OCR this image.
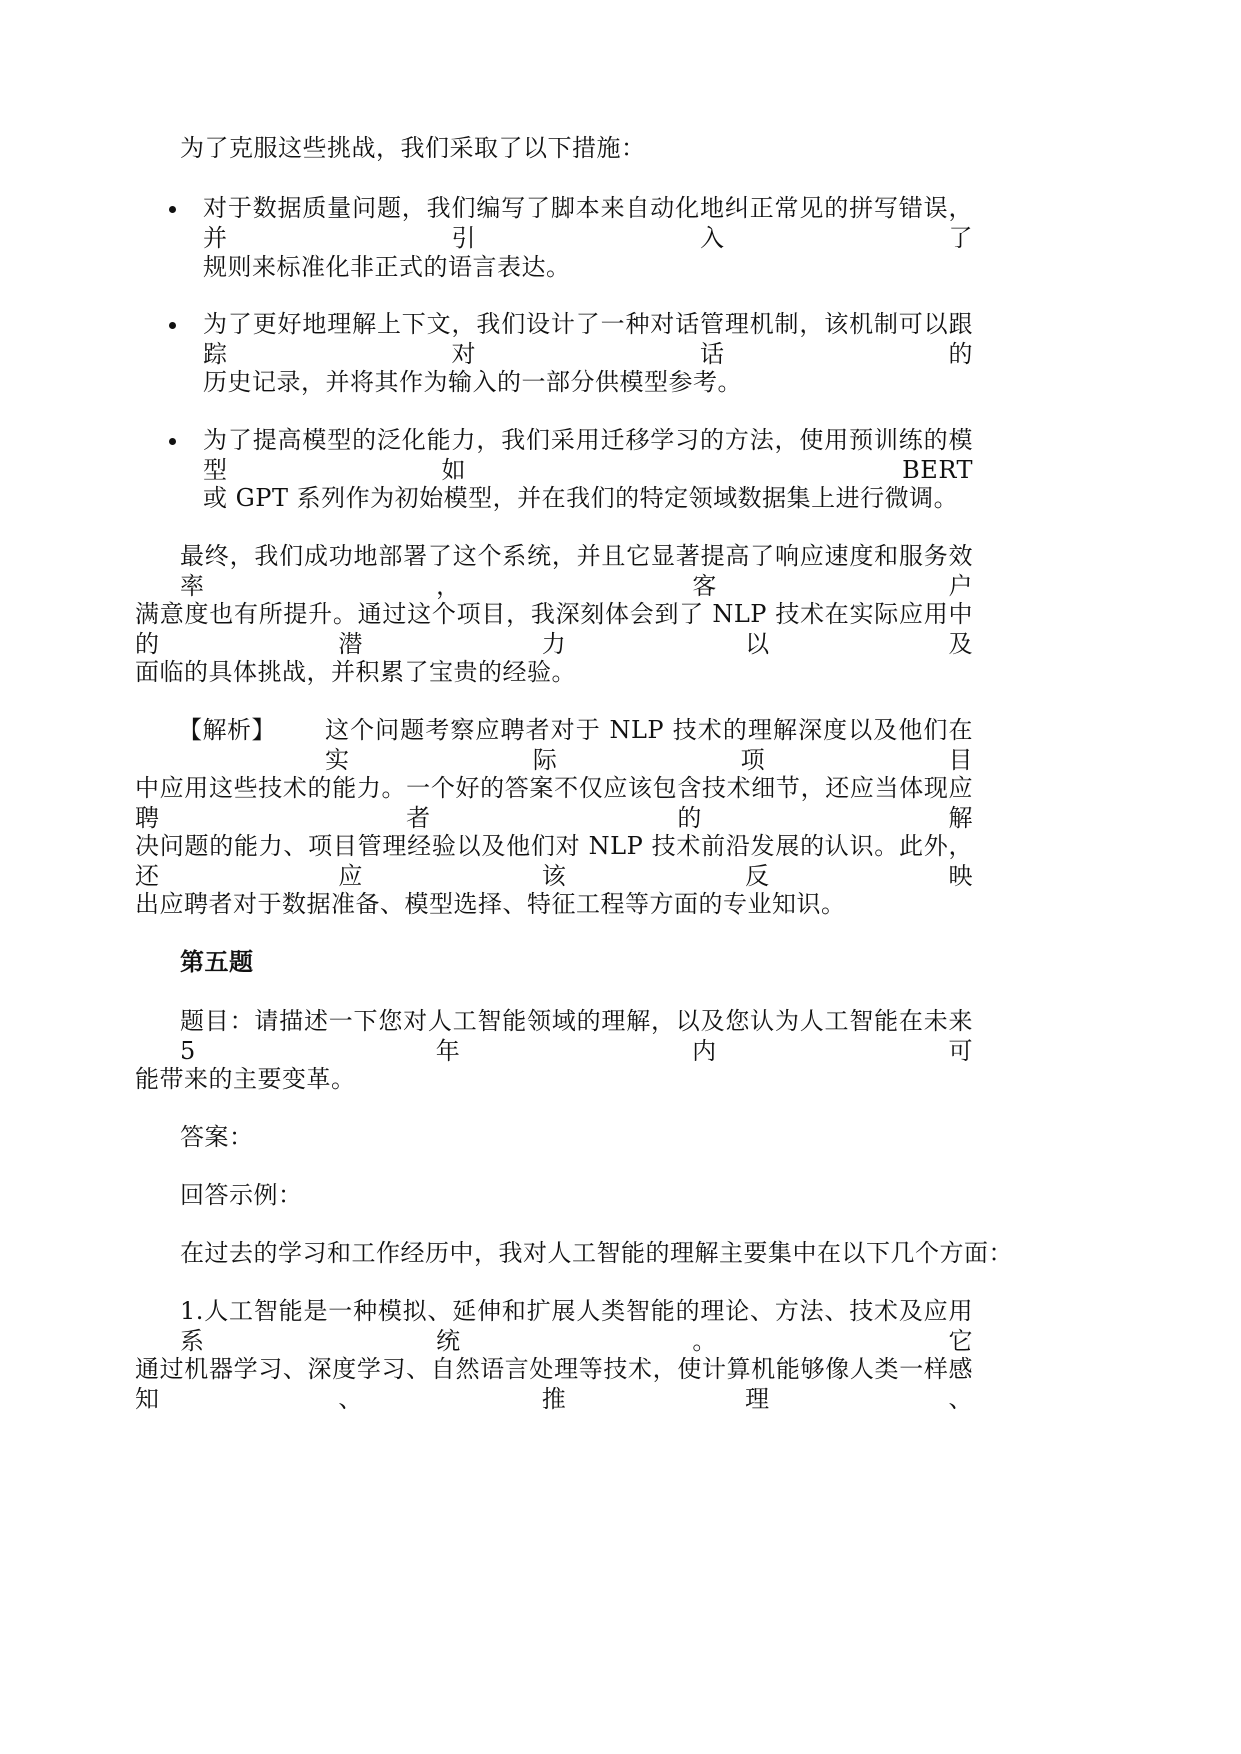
为了克服这些挑战，我们采取了以下措施：
对于数据质量问题，我们编写了脚本来自动化地纠正常见的拼写错误，并引入了
规则来标准化非正式的语言表达。
为了更好地理解上下文，我们设计了一种对话管理机制，该机制可以跟踪对话的
历史记录，并将其作为输入的一部分供模型参考。
为了提高模型的泛化能力，我们采用迁移学习的方法，使用预训练的模型如 BERT
或 GPT 系列作为初始模型，并在我们的特定领域数据集上进行微调。
最终，我们成功地部署了这个系统，并且它显著提高了响应速度和服务效率，客户
满意度也有所提升。通过这个项目，我深刻体会到了 NLP 技术在实际应用中的潜力以及
面临的具体挑战，并积累了宝贵的经验。
【解析】 这个问题考察应聘者对于 NLP 技术的理解深度以及他们在实际项目
中应用这些技术的能力。一个好的答案不仅应该包含技术细节，还应当体现应聘者的解
决问题的能力、项目管理经验以及他们对 NLP 技术前沿发展的认识。此外，还应该反映
出应聘者对于数据准备、模型选择、特征工程等方面的专业知识。
第五题
题目：请描述一下您对人工智能领域的理解，以及您认为人工智能在未来 5 年内可
能带来的主要变革。
答案：
回答示例：
在过去的学习和工作经历中，我对人工智能的理解主要集中在以下几个方面：
1.人工智能是一种模拟、延伸和扩展人类智能的理论、方法、技术及应用系统。它
通过机器学习、深度学习、自然语言处理等技术，使计算机能够像人类一样感知、推理、
